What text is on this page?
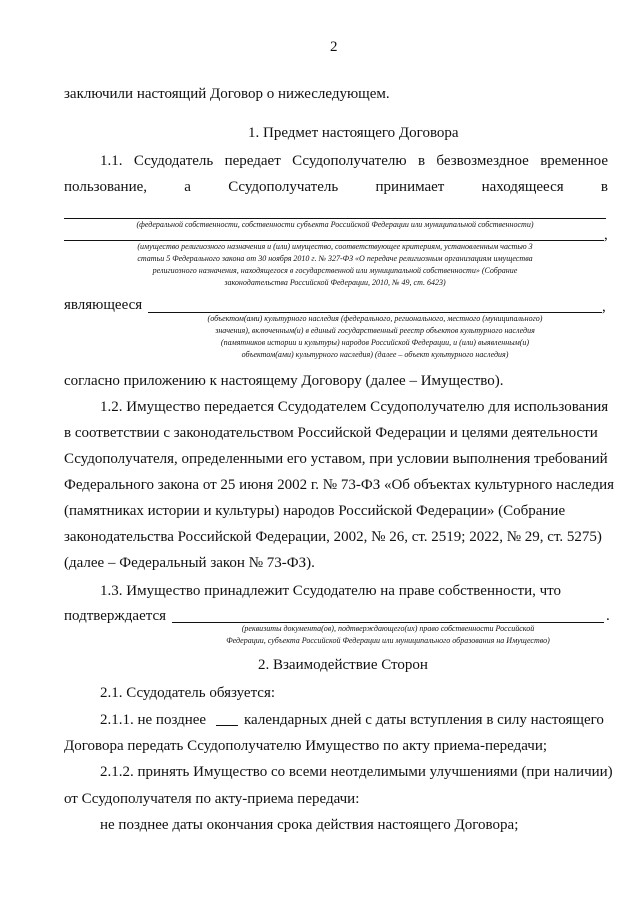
2
заключили настоящий Договор о нижеследующем.
1. Предмет настоящего Договора
1.1. Ссудодатель передает Ссудополучателю в безвозмездное временное
пользование, а Ссудополучатель принимает находящееся в
(федеральной собственности, собственности субъекта Российской Федерации или муниципальной собственности)
,
(имущество религиозного назначения и (или) имущество, соответствующее критериям, установленным частью 3
статьи 5 Федерального закона от 30 ноября 2010 г. № 327-ФЗ «О передаче религиозным организациям имущества
религиозного назначения, находящегося в государственной или муниципальной собственности» (Собрание
законодательства Российской Федерации, 2010, № 49, ст. 6423)
являющееся	,
(объектом(ами) культурного наследия (федерального, регионального, местного (муниципального)
значения), включенным(и) в единый государственный реестр объектов культурного наследия
(памятников истории и культуры) народов Российской Федерации, и (или) выявленным(и)
объектом(ами) культурного наследия) (далее – объект культурного наследия)
согласно приложению к настоящему Договору (далее – Имущество).
1.2. Имущество передается Ссудодателем Ссудополучателю для использования
в соответствии с законодательством Российской Федерации и целями деятельности
Ссудополучателя, определенными его уставом, при условии выполнения требований
Федерального закона от 25 июня 2002 г. № 73-ФЗ «Об объектах культурного наследия
(памятниках истории и культуры) народов Российской Федерации» (Собрание
законодательства Российской Федерации, 2002, № 26, ст. 2519; 2022, № 29, ст. 5275)
(далее – Федеральный закон № 73-ФЗ).
1.3. Имущество принадлежит Ссудодателю на праве собственности, что
подтверждается	.
(реквизиты документа(ов), подтверждающего(их) право собственности Российской
Федерации, субъекта Российской Федерации или муниципального образования на Имущество)
2. Взаимодействие Сторон
2.1. Ссудодатель обязуется:
2.1.1. не позднее	календарных дней с даты вступления в силу настоящего
Договора передать Ссудополучателю Имущество по акту приема-передачи;
2.1.2. принять Имущество со всеми неотделимыми улучшениями (при наличии)
от Ссудополучателя по акту-приема передачи:
не позднее даты окончания срока действия настоящего Договора;
